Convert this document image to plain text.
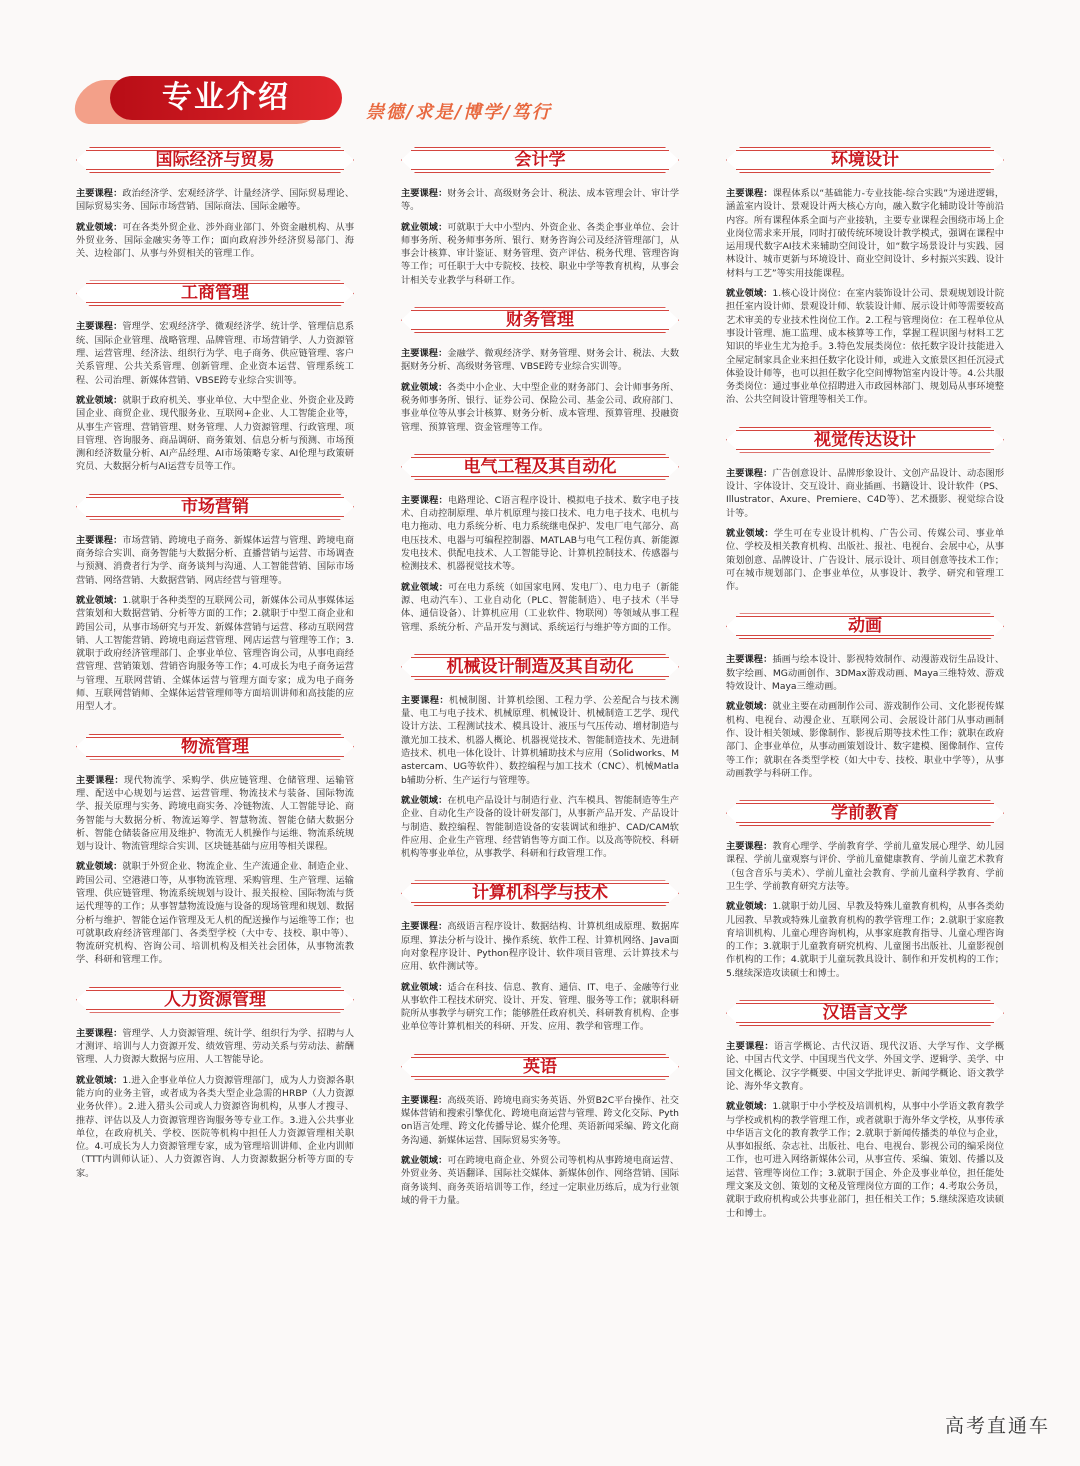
专业介绍	崇德/求是/博学/笃行
国际经济与贸易

主要课程：政治经济学、宏观经济学、计量经济学、国际贸易理论、国际贸易实务、国际市场营销、国际商法、国际金融等。

就业领域：可在各类外贸企业、涉外商业部门、外资金融机构、从事外贸业务、国际金融实务等工作；面向政府涉外经济贸易部门、海关、边检部门、从事与外贸相关的管理工作。

工商管理

主要课程：管理学、宏观经济学、微观经济学、统计学、管理信息系统、国际企业管理、战略管理、品牌管理、市场营销学、人力资源管理、运营管理、经济法、组织行为学、电子商务、供应链管理、客户关系管理、公共关系管理、创新管理、企业资本运营、管理系统工程、公司治理、新媒体营销、VBSE跨专业综合实训等。

就业领域：就职于政府机关、事业单位、大中型企业、外资企业及跨国企业、商贸企业、现代服务业、互联网+企业、人工智能企业等，从事生产管理、营销管理、财务管理、人力资源管理、行政管理、项目管理、咨询服务、商品调研、商务策划、信息分析与预测、市场预测和经济数量分析、AI产品经理、AI市场策略专家、AI伦理与政策研究员、大数据分析与AI运营专员等工作。

市场营销

主要课程：市场营销、跨境电子商务、新媒体运营与管理、跨境电商商务综合实训、商务智能与大数据分析、直播营销与运营、市场调查与预测、消费者行为学、商务谈判与沟通、人工智能营销、国际市场营销、网络营销、大数据营销、网店经营与管理等。

就业领域：1.就职于各种类型的互联网公司，新媒体公司从事媒体运营策划和大数据营销、分析等方面的工作；2.就职于中型工商企业和跨国公司，从事市场研究与开发、新媒体营销与运营、移动互联网营销、人工智能营销、跨境电商运营管理、网店运营与管理等工作；3.就职于政府经济管理部门、企事业单位、管理咨询公司，从事电商经营管理、营销策划、营销咨询服务等工作；4.可成长为电子商务运营与管理、互联网营销、全媒体运营与管理方面专家；成为电子商务师、互联网营销师、全媒体运营管理师等方面培训讲师和高技能的应用型人才。

物流管理

主要课程：现代物流学、采购学、供应链管理、仓储管理、运输管理、配送中心规划与运营、运营管理、物流技术与装备、国际物流学、报关原理与实务、跨境电商实务、冷链物流、人工智能导论、商务智能与大数据分析、物流运筹学、智慧物流、智能仓储大数据分析、智能仓储装备应用及维护、物流无人机操作与运维、物流系统规划与设计、物流管理综合实训、区块链基础与应用等相关课程。

就业领域：就职于外贸企业、物流企业、生产流通企业、制造企业、跨国公司、空港港口等，从事物流管理、采购管理、生产管理、运输管理、供应链管理、物流系统规划与设计、报关报检、国际物流与货运代理等的工作；从事智慧物流设施与设备的现场管理和规划、数据分析与维护、智能仓运作管理及无人机的配送操作与运维等工作；也可就职政府经济管理部门、各类型学校（大中专、技校、职中等）、物流研究机构、咨询公司、培训机构及相关社会团体，从事物流教学、科研和管理工作。

人力资源管理

主要课程：管理学、人力资源管理、统计学、组织行为学、招聘与人才测评、培训与人力资源开发、绩效管理、劳动关系与劳动法、薪酬管理、人力资源大数据与应用、人工智能导论。

就业领域：1.进入企事业单位人力资源管理部门，成为人力资源各职能方向的业务主管，或者成为各类大型企业急需的HRBP（人力资源业务伙伴）。2.进入猎头公司或人力资源咨询机构，从事人才搜寻、推荐、评估以及人力资源管理咨询服务等专业工作。3.进入公共事业单位，在政府机关、学校、医院等机构中担任人力资源管理相关职位。4.可成长为人力资源管理专家，成为管理培训讲师、企业内训师（TTT内训师认证）、人力资源咨询、人力资源数据分析等方面的专家。

会计学

主要课程：财务会计、高级财务会计、税法、成本管理会计、审计学等。

就业领域：可就职于大中小型内、外资企业、各类企事业单位、会计师事务所、税务师事务所、银行、财务咨询公司及经济管理部门，从事会计核算、审计鉴证、财务管理、资产评估、税务代理、管理咨询等工作；可任职于大中专院校、技校、职业中学等教育机构，从事会计相关专业教学与科研工作。

财务管理

主要课程：金融学、微观经济学、财务管理、财务会计、税法、大数据财务分析、高级财务管理、VBSE跨专业综合实训等。

就业领域：各类中小企业、大中型企业的财务部门、会计师事务所、税务师事务所、银行、证券公司、保险公司、基金公司、政府部门、事业单位等从事会计核算、财务分析、成本管理、预算管理、投融资管理、预算管理、资金管理等工作。

电气工程及其自动化

主要课程：电路理论、C语言程序设计、模拟电子技术、数字电子技术、自动控制原理、单片机原理与接口技术、电力电子技术、电机与电力拖动、电力系统分析、电力系统继电保护、发电厂电气部分、高电压技术、电器与可编程控制器、MATLAB与电气工程仿真、新能源发电技术、供配电技术、人工智能导论、计算机控制技术、传感器与检测技术、机器视觉技术等。

就业领域：可在电力系统（如国家电网、发电厂）、电力电子（新能源、电动汽车）、工业自动化（PLC、智能制造）、电子技术（半导体、通信设备）、计算机应用（工业软件、物联网）等领域从事工程管理、系统分析、产品开发与测试、系统运行与维护等方面的工作。

机械设计制造及其自动化

主要课程：机械制图、计算机绘图、工程力学、公差配合与技术测量、电工与电子技术、机械原理、机械设计、机械制造工艺学、现代设计方法、工程测试技术、模具设计、液压与气压传动、增材制造与激光加工技术、机器人概论、机器视觉技术、智能制造技术、先进制造技术、机电一体化设计、计算机辅助技术与应用（Solidworks、Mastercam、UG等软件）、数控编程与加工技术（CNC）、机械Matlab辅助分析、生产运行与管理等。

就业领域：在机电产品设计与制造行业、汽车模具、智能制造等生产企业、自动化生产设备的设计研发部门，从事新产品开发、产品设计与制造、数控编程、智能制造设备的安装调试和维护、CAD/CAM软件应用、企业生产管理、经营销售等方面工作。以及高等院校、科研机构等事业单位，从事教学、科研和行政管理工作。

计算机科学与技术

主要课程：高级语言程序设计、数据结构、计算机组成原理、数据库原理、算法分析与设计、操作系统、软件工程、计算机网络、Java面向对象程序设计、Python程序设计、软件项目管理、云计算技术与应用、软件测试等。

就业领域：适合在科技、信息、教育、通信、IT、电子、金融等行业从事软件工程技术研究、设计、开发、管理、服务等工作；就职科研院所从事教学与研究工作；能够胜任政府机关、科研教育机构、企事业单位等计算机相关的科研、开发、应用、教学和管理工作。

英语

主要课程：高级英语、跨境电商实务英语、外贸B2C平台操作、社交媒体营销和搜索引擎优化、跨境电商运营与管理、跨文化交际、Python语言处理、跨文化传播导论、媒介伦理、英语新闻采编、跨文化商务沟通、新媒体运营、国际贸易实务等。

就业领域：可在跨境电商企业、外贸公司等机构从事跨境电商运营、外贸业务、英语翻译、国际社交媒体、新媒体创作、网络营销、国际商务谈判、商务英语培训等工作，经过一定职业历练后，成为行业领域的骨干力量。

环境设计

主要课程：课程体系以“基础能力-专业技能-综合实践”为递进逻辑，涵盖室内设计、景观设计两大核心方向，融入数字化辅助设计等前沿内容。所有课程体系全面与产业接轨，主要专业课程会围绕市场上企业岗位需求来开展，同时打破传统环境设计教学模式，强调在课程中运用现代数字AI技术来辅助空间设计，如“数字场景设计与实践、园林设计、城市更新与环境设计、商业空间设计、乡村振兴实践、设计材料与工艺”等实用技能课程。

就业领域：1.核心设计岗位：在室内装饰设计公司、景观规划设计院担任室内设计师、景观设计师、软装设计师、展示设计师等需要较高艺术审美的专业技术性岗位工作。2.工程与管理岗位：在工程单位从事设计管理、施工监理、成本核算等工作，掌握工程识图与材料工艺知识的毕业生尤为抢手。3.特色发展类岗位：依托数字设计技能进入全屋定制家具企业来担任数字化设计师，或进入文旅景区担任沉浸式体验设计师等，也可以担任数字化空间博物馆室内设计等。4.公共服务类岗位：通过事业单位招聘进入市政园林部门、规划局从事环境整治、公共空间设计管理等相关工作。

视觉传达设计

主要课程：广告创意设计、品牌形象设计、文创产品设计、动态图形设计、字体设计、交互设计、商业插画、书籍设计、设计软件（PS、Illustrator、Axure、Premiere、C4D等）、艺术摄影、视觉综合设计等。

就业领域：学生可在专业设计机构、广告公司、传媒公司、事业单位、学校及相关教育机构、出版社、报社、电视台、会展中心，从事策划创意、品牌设计、广告设计、展示设计、项目创意等技术工作；可在城市规划部门、企事业单位，从事设计、教学、研究和管理工作。

动画

主要课程：插画与绘本设计、影视特效制作、动漫游戏衍生品设计、数字绘画、MG动画创作、3DMax游戏动画、Maya三维特效、游戏特效设计、Maya三维动画。

就业领域：就业主要在动画制作公司、游戏制作公司、文化影视传媒机构、电视台、动漫企业、互联网公司、会展设计部门从事动画制作、设计相关领域、影像制作、影视后期等技术性工作；就职在政府部门、企事业单位，从事动画策划设计、数字建模、图像制作、宣传等工作；就职在各类型学校（如大中专、技校、职业中学等），从事动画教学与科研工作。

学前教育

主要课程：教育心理学、学前教育学、学前儿童发展心理学、幼儿园课程、学前儿童观察与评价、学前儿童健康教育、学前儿童艺术教育（包含音乐与美术）、学前儿童社会教育、学前儿童科学教育、学前卫生学、学前教育研究方法等。

就业领域：1.就职于幼儿园、早教及特殊儿童教育机构，从事各类幼儿园教、早教或特殊儿童教育机构的教学管理工作；2.就职于家庭教育培训机构、儿童心理咨询机构，从事家庭教育指导、儿童心理咨询的工作；3.就职于儿童教育研究机构、儿童图书出版社、儿童影视创作机构的工作；4.就职于儿童玩教具设计、制作和开发机构的工作；5.继续深造攻读硕士和博士。

汉语言文学

主要课程：语言学概论、古代汉语、现代汉语、大学写作、文学概论、中国古代文学、中国现当代文学、外国文学、逻辑学、美学、中国文化概论、汉字学概要、中国文学批评史、新闻学概论、语文教学论、海外华文教育。

就业领域：1.就职于中小学校及培训机构，从事中小学语文教育教学与学校或机构的教学管理工作，或者就职于海外华文学校，从事传承中华语言文化的教育教学工作；2.就职于新闻传播类的单位与企业，从事如报纸、杂志社、出版社、电台、电视台、影视公司的编采岗位工作，也可进入网络新媒体公司，从事宣传、采编、策划、传播以及运营、管理等岗位工作；3.就职于国企、外企及事业单位，担任能处理文案及文创、策划的文秘及管理岗位方面的工作；4.考取公务员，就职于政府机构或公共事业部门，担任相关工作；5.继续深造攻读硕士和博士。

高考直通车
